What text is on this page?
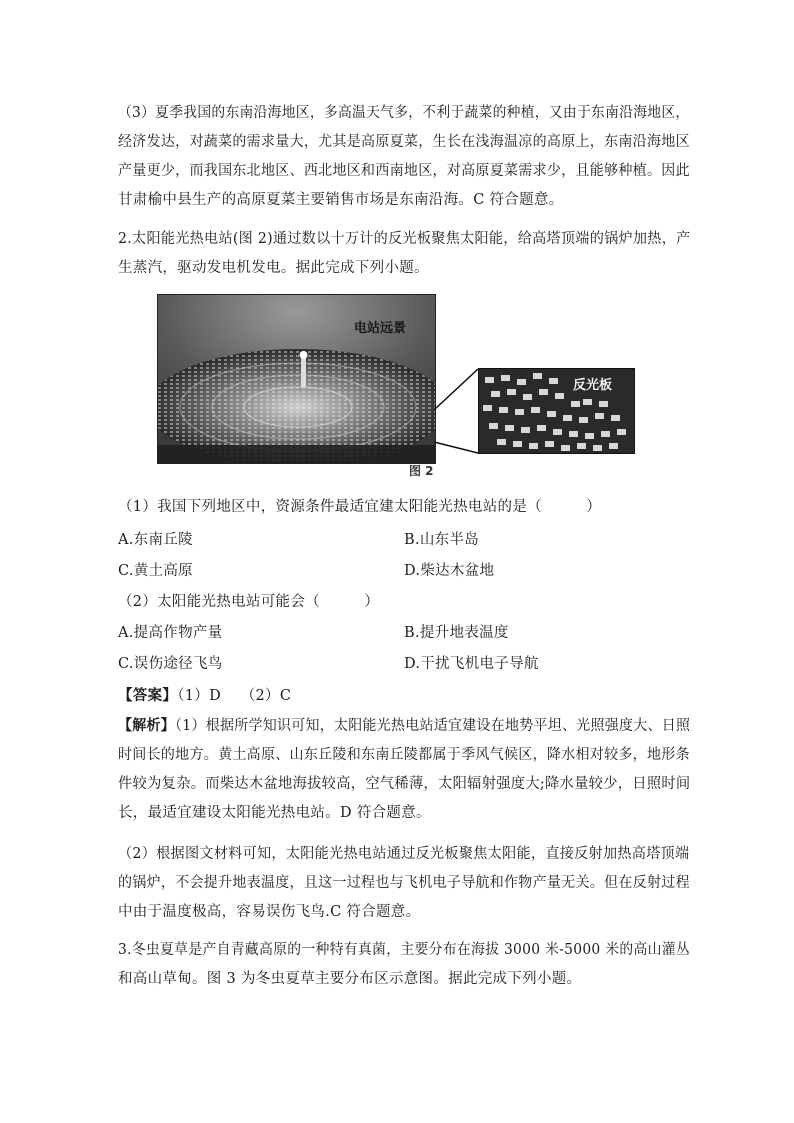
（3）夏季我国的东南沿海地区，多高温天气多，不利于蔬菜的种植，又由于东南沿海地区，
经济发达，对蔬菜的需求量大，尤其是高原夏菜，生长在浅海温凉的高原上，东南沿海地区
产量更少，而我国东北地区、西北地区和西南地区，对高原夏菜需求少，且能够种植。因此
甘肃榆中县生产的高原夏菜主要销售市场是东南沿海。C 符合题意。
2.太阳能光热电站(图 2)通过数以十万计的反光板聚焦太阳能，给高塔顶端的锅炉加热，产
生蒸汽，驱动发电机发电。据此完成下列小题。
电站远景
反光板
图 2
（1）我国下列地区中，资源条件最适宜建太阳能光热电站的是（　　　）
A.东南丘陵	B.山东半岛
C.黄土高原	D.柴达木盆地
（2）太阳能光热电站可能会（　　　）
A.提高作物产量	B.提升地表温度
C.误伤途径飞鸟	D.干扰飞机电子导航
【答案】（1）D　 （2）C
【解析】（1）根据所学知识可知，太阳能光热电站适宜建设在地势平坦、光照强度大、日照
时间长的地方。黄土高原、山东丘陵和东南丘陵都属于季风气候区，降水相对较多，地形条
件较为复杂。而柴达木盆地海拔较高，空气稀薄，太阳辐射强度大;降水量较少，日照时间
长，最适宜建设太阳能光热电站。D 符合题意。
（2）根据图文材料可知，太阳能光热电站通过反光板聚焦太阳能，直接反射加热高塔顶端
的锅炉，不会提升地表温度，且这一过程也与飞机电子导航和作物产量无关。但在反射过程
中由于温度极高，容易误伤飞鸟.C 符合题意。
3.冬虫夏草是产自青藏高原的一种特有真菌，主要分布在海拔 3000 米-5000 米的高山灌丛
和高山草甸。图 3 为冬虫夏草主要分布区示意图。据此完成下列小题。
